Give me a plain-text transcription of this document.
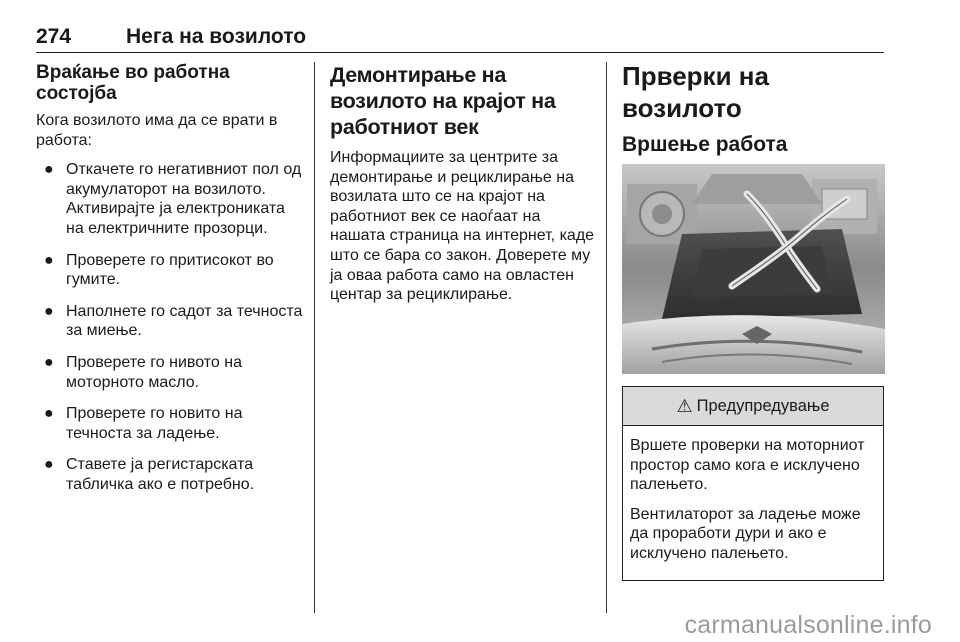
274	Нега на возилото
Враќање во работна состојба

Кога возилото има да се врати в работа:

● Откачете го негативниот пол од акумулаторот на возилото. Активирајте ја електрониката на електричните прозорци.
● Проверете го притисокот во гумите.
● Наполнете го садот за течноста за миење.
● Проверете го нивото на моторното масло.
● Проверете го новито на течноста за ладење.
● Ставете ја регистарската табличка ако е потребно.
Демонтирање на возилото на крајот на работниот век

Информациите за центрите за демонтирање и рециклирање на возилата што се на крајот на работниот век се наоѓаат на нашата страница на интернет, каде што се бара со закон. Доверете му ја оваа работа само на овластен центар за рециклирање.

Прверки на возилото
Вршење работа
⚠ Предупредување

Вршете проверки на моторниот простор само кога е исклучено палењето.

Вентилаторот за ладење може да прорaботи дури и ако е исклучено палењето.

carmanualsonline.info
